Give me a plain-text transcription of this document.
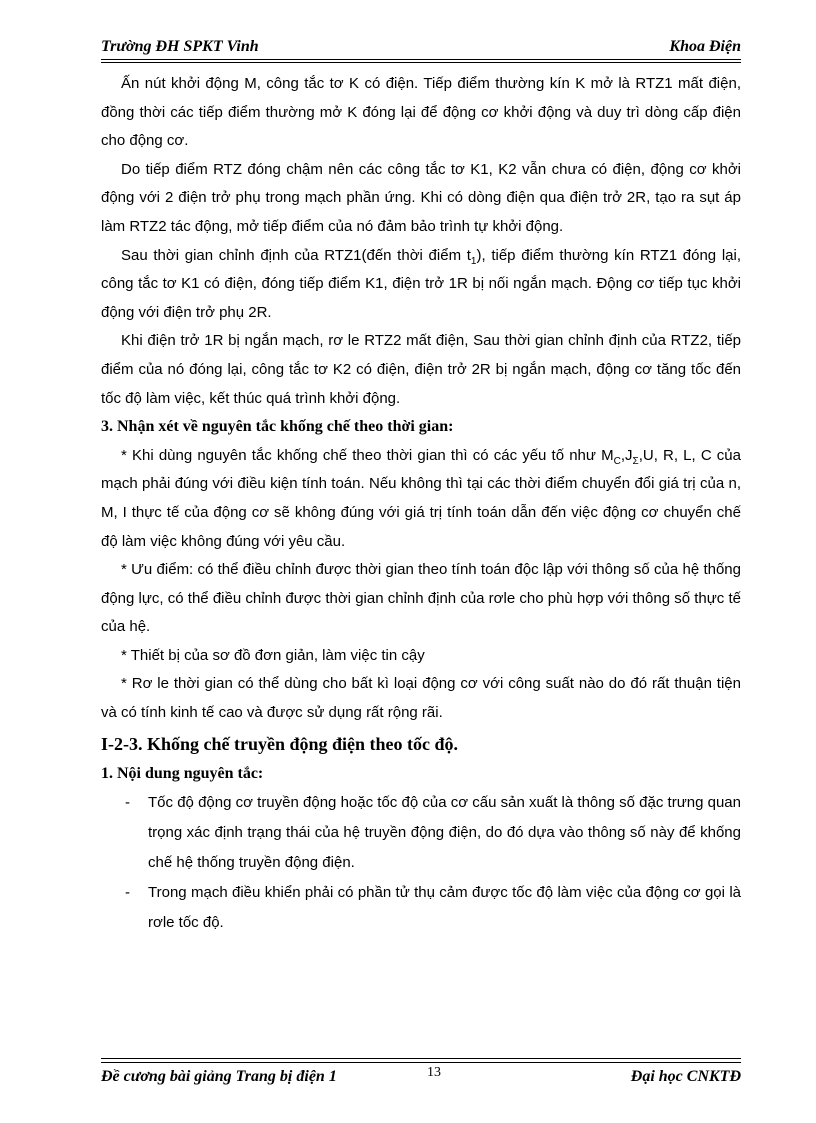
Trường ĐH SPKT Vinh	Khoa Điện

Ấn nút khởi động M, công tắc tơ K có điện. Tiếp điểm thường kín K mở là RTZ1 mất điện, đồng thời các tiếp điểm thường mở K đóng lại để động cơ khởi động và duy trì dòng cấp điện cho động cơ.

Do tiếp điểm RTZ đóng chậm nên các công tắc tơ K1, K2 vẫn chưa có điện, động cơ khởi động với 2 điện trở phụ trong mạch phần ứng. Khi có dòng điện qua điện trở 2R, tạo ra sụt áp làm RTZ2 tác động, mở tiếp điểm của nó đảm bảo trình tự khởi động.

Sau thời gian chỉnh định của RTZ1(đến thời điểm $t_1$), tiếp điểm thường kín RTZ1 đóng lại, công tắc tơ K1 có điện, đóng tiếp điểm K1, điện trở 1R bị nối ngắn mạch. Động cơ tiếp tục khởi động với điện trở phụ 2R.

Khi điện trở 1R bị ngắn mạch, rơ le RTZ2 mất điện, Sau thời gian chỉnh định của RTZ2, tiếp điểm của nó đóng lại, công tắc tơ K2 có điện, điện trở 2R bị ngắn mạch, động cơ tăng tốc đến tốc độ làm việc, kết thúc quá trình khởi động.

3. Nhận xét về nguyên tắc khống chế theo thời gian:

* Khi dùng nguyên tắc khống chế theo thời gian thì có các yếu tố như $M_C,J_\Sigma,U$, R, L, C của mạch phải đúng với điều kiện tính toán. Nếu không thì tại các thời điểm chuyển đổi giá trị của n, M, I thực tế của động cơ sẽ không đúng với giá trị tính toán dẫn đến việc động cơ chuyển chế độ làm việc không đúng với yêu cầu.

* Ưu điểm: có thể điều chỉnh được thời gian theo tính toán độc lập với thông số của hệ thống động lực, có thể điều chỉnh được thời gian chỉnh định của rơle cho phù hợp với thông số thực tế của hệ.

* Thiết bị của sơ đồ đơn giản, làm việc tin cậy

* Rơ le thời gian có thể dùng cho bất kì loại động cơ với công suất nào do đó rất thuận tiện và có tính kinh tế cao và được sử dụng rất rộng rãi.

I-2-3. Khống chế truyền động điện theo tốc độ.

1. Nội dung nguyên tắc:

- Tốc độ động cơ truyền động hoặc tốc độ của cơ cấu sản xuất là thông số đặc trưng quan trọng xác định trạng thái của hệ truyền động điện, do đó dựa vào thông số này để khống chế hệ thống truyền động điện.

- Trong mạch điều khiển phải có phần tử thụ cảm được tốc độ làm việc của động cơ gọi là rơle tốc độ.

Đề cương bài giảng Trang bị điện 1	13	Đại học CNKTĐ
